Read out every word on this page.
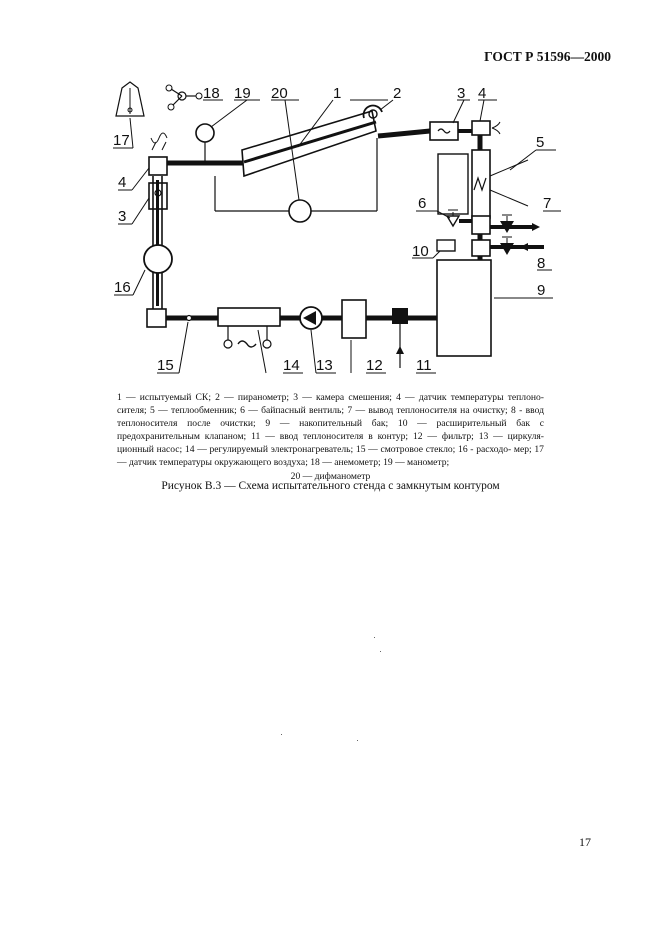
ГОСТ Р 51596—2000
1	2	3 4
5
6	7
8
9
10
11
12
13
14
15
16
17
18 19 20
4
3
1 — испытуемый СК; 2 — пиранометр; 3 — камера смешения; 4 — датчик температуры теплоно- сителя; 5 — теплообменник; 6 — байпасный вентиль; 7 — вывод теплоносителя на очистку; 8 - ввод теплоносителя после очистки; 9 — накопительный бак; 10 — расширительный бак с предохранительным клапаном; 11 — ввод теплоносителя в контур; 12 — фильтр; 13 — циркуля- ционный насос; 14 — регулируемый электронагреватель; 15 — смотровое стекло; 16 - расходо- мер; 17 — датчик температуры окружающего воздуха; 18 — анемометр; 19 — манометр;
20 — дифманометр
Рисунок В.3 — Схема испытательного стенда с замкнутым контуром
17
